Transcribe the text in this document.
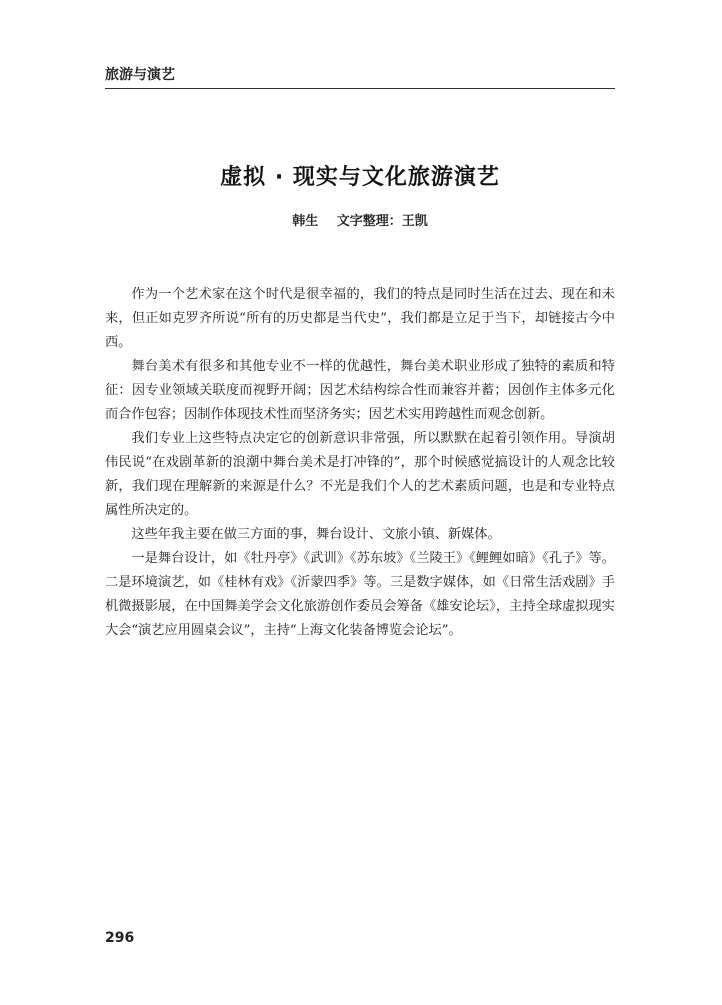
旅游与演艺
虚拟 · 现实与文化旅游演艺
韩生 文字整理：王凯

作为一个艺术家在这个时代是很幸福的，我们的特点是同时生活在过去、现在和未来，但正如克罗齐所说“所有的历史都是当代史”，我们都是立足于当下，却链接古今中西。

舞台美术有很多和其他专业不一样的优越性，舞台美术职业形成了独特的素质和特征：因专业领域关联度而视野开阔；因艺术结构综合性而兼容并蓄；因创作主体多元化而合作包容；因制作体现技术性而坚济务实；因艺术实用跨越性而观念创新。

我们专业上这些特点决定它的创新意识非常强，所以默默在起着引领作用。导演胡伟民说“在戏剧革新的浪潮中舞台美术是打冲锋的”，那个时候感觉搞设计的人观念比较新，我们现在理解新的来源是什么？不光是我们个人的艺术素质问题，也是和专业特点属性所决定的。

这些年我主要在做三方面的事，舞台设计、文旅小镇、新媒体。

一是舞台设计，如《牡丹亭》《武训》《苏东坡》《兰陵王》《鲤鲤如暗》《孔子》等。二是环境演艺，如《桂林有戏》《沂蒙四季》等。三是数字媒体，如《日常生活戏剧》手机微摄影展，在中国舞美学会文化旅游创作委员会筹备《雄安论坛》，主持全球虚拟现实大会“演艺应用圆桌会议”，主持“上海文化装备博览会论坛”。

296
